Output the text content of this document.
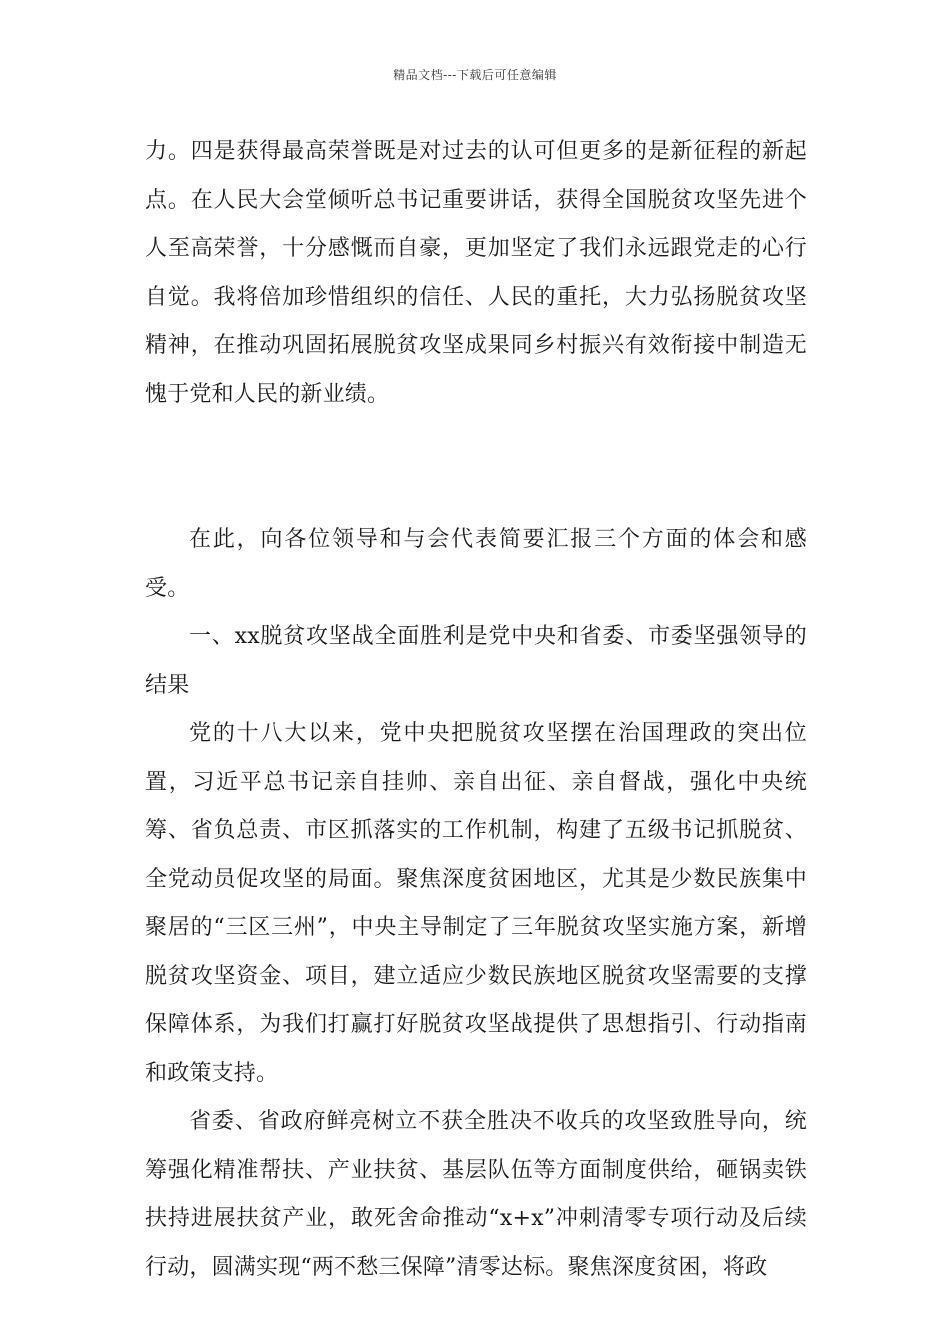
精品文档---下载后可任意编辑

力。四是获得最高荣誉既是对过去的认可但更多的是新征程的新起点。在人民大会堂倾听总书记重要讲话，获得全国脱贫攻坚先进个人至高荣誉，十分感慨而自豪，更加坚定了我们永远跟党走的心行自觉。我将倍加珍惜组织的信任、人民的重托，大力弘扬脱贫攻坚精神，在推动巩固拓展脱贫攻坚成果同乡村振兴有效衔接中制造无愧于党和人民的新业绩。

在此，向各位领导和与会代表简要汇报三个方面的体会和感受。

一、xx脱贫攻坚战全面胜利是党中央和省委、市委坚强领导的结果

党的十八大以来，党中央把脱贫攻坚摆在治国理政的突出位置，习近平总书记亲自挂帅、亲自出征、亲自督战，强化中央统筹、省负总责、市区抓落实的工作机制，构建了五级书记抓脱贫、全党动员促攻坚的局面。聚焦深度贫困地区，尤其是少数民族集中聚居的“三区三州”，中央主导制定了三年脱贫攻坚实施方案，新增脱贫攻坚资金、项目，建立适应少数民族地区脱贫攻坚需要的支撑保障体系，为我们打赢打好脱贫攻坚战提供了思想指引、行动指南和政策支持。

省委、省政府鲜亮树立不获全胜决不收兵的攻坚致胜导向，统筹强化精准帮扶、产业扶贫、基层队伍等方面制度供给，砸锅卖铁扶持进展扶贫产业，敢死舍命推动“x+x”冲刺清零专项行动及后续行动，圆满实现“两不愁三保障”清零达标。聚焦深度贫困，将政
